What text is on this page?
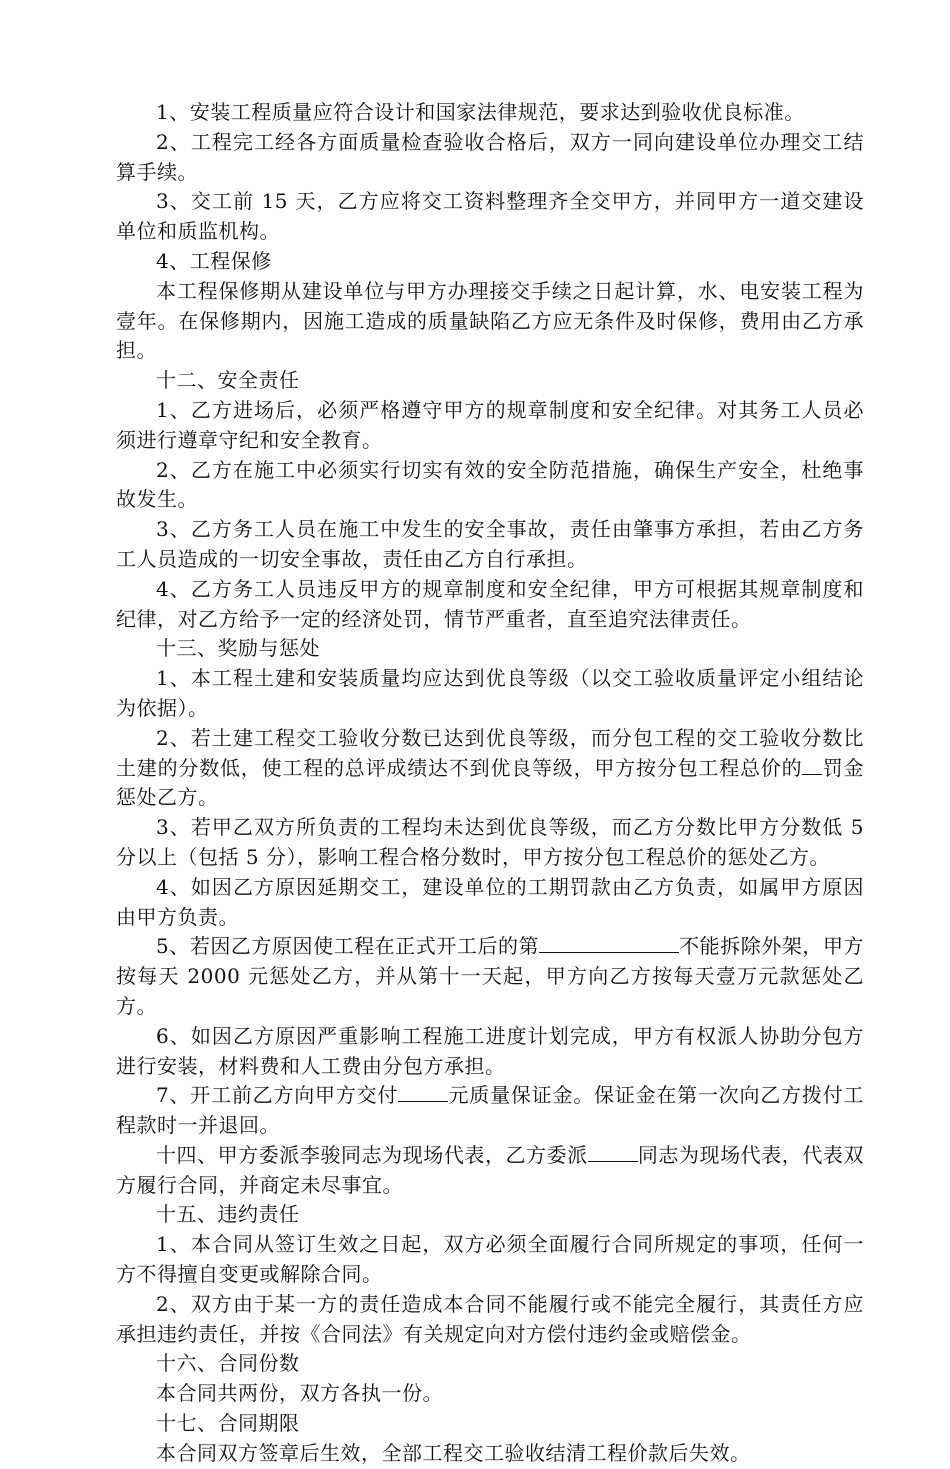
1、安装工程质量应符合设计和国家法律规范，要求达到验收优良标准。

2、工程完工经各方面质量检查验收合格后，双方一同向建设单位办理交工结算手续。

3、交工前 15 天，乙方应将交工资料整理齐全交甲方，并同甲方一道交建设单位和质监机构。

4、工程保修

本工程保修期从建设单位与甲方办理接交手续之日起计算，水、电安装工程为壹年。在保修期内，因施工造成的质量缺陷乙方应无条件及时保修，费用由乙方承担。

十二、安全责任

1、乙方进场后，必须严格遵守甲方的规章制度和安全纪律。对其务工人员必须进行遵章守纪和安全教育。

2、乙方在施工中必须实行切实有效的安全防范措施，确保生产安全，杜绝事故发生。

3、乙方务工人员在施工中发生的安全事故，责任由肇事方承担，若由乙方务工人员造成的一切安全事故，责任由乙方自行承担。

4、乙方务工人员违反甲方的规章制度和安全纪律，甲方可根据其规章制度和纪律，对乙方给予一定的经济处罚，情节严重者，直至追究法律责任。

十三、奖励与惩处

1、本工程土建和安装质量均应达到优良等级（以交工验收质量评定小组结论为依据）。

2、若土建工程交工验收分数已达到优良等级，而分包工程的交工验收分数比土建的分数低，使工程的总评成绩达不到优良等级，甲方按分包工程总价的 罚金惩处乙方。

3、若甲乙双方所负责的工程均未达到优良等级，而乙方分数比甲方分数低 5 分以上（包括 5 分），影响工程合格分数时，甲方按分包工程总价的惩处乙方。

4、如因乙方原因延期交工，建设单位的工期罚款由乙方负责，如属甲方原因由甲方负责。

5、若因乙方原因使工程在正式开工后的第	不能拆除外架，甲方按每天 2000 元惩处乙方，并从第十一天起，甲方向乙方按每天壹万元款惩处乙方。

6、如因乙方原因严重影响工程施工进度计划完成，甲方有权派人协助分包方进行安装，材料费和人工费由分包方承担。

7、开工前乙方向甲方交付	元质量保证金。保证金在第一次向乙方拨付工程款时一并退回。

十四、甲方委派李骏同志为现场代表，乙方委派	同志为现场代表，代表双方履行合同，并商定未尽事宜。

十五、违约责任

1、本合同从签订生效之日起，双方必须全面履行合同所规定的事项，任何一方不得擅自变更或解除合同。

2、双方由于某一方的责任造成本合同不能履行或不能完全履行，其责任方应承担违约责任，并按《合同法》有关规定向对方偿付违约金或赔偿金。

十六、合同份数

本合同共两份，双方各执一份。

十七、合同期限

本合同双方签章后生效，全部工程交工验收结清工程价款后失效。
